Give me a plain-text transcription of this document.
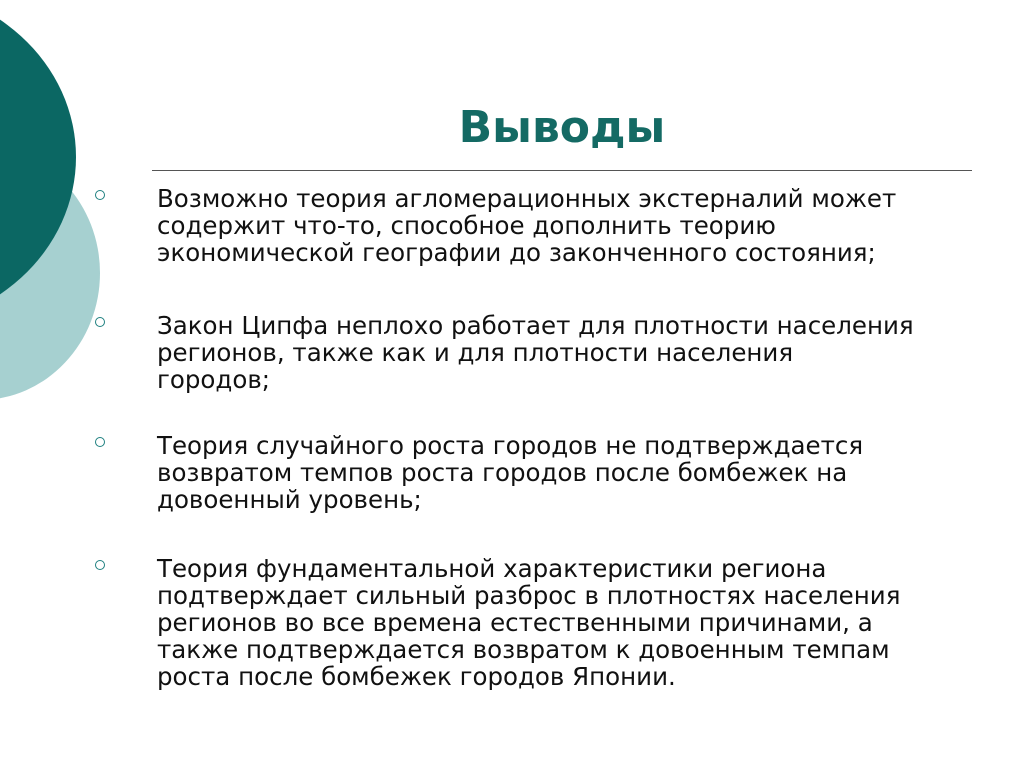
Выводы

Возможно теория агломерационных экстерналий может
содержит что-то, способное дополнить теорию
экономической географии до законченного состояния;

Закон Ципфа неплохо работает для плотности населения
регионов, также как и для плотности населения
городов;

Теория случайного роста городов не подтверждается
возвратом темпов роста городов после бомбежек на
довоенный уровень;

Теория фундаментальной характеристики региона
подтверждает сильный разброс в плотностях населения
регионов во все времена естественными причинами, а
также подтверждается возвратом к довоенным темпам
роста после бомбежек городов Японии.
